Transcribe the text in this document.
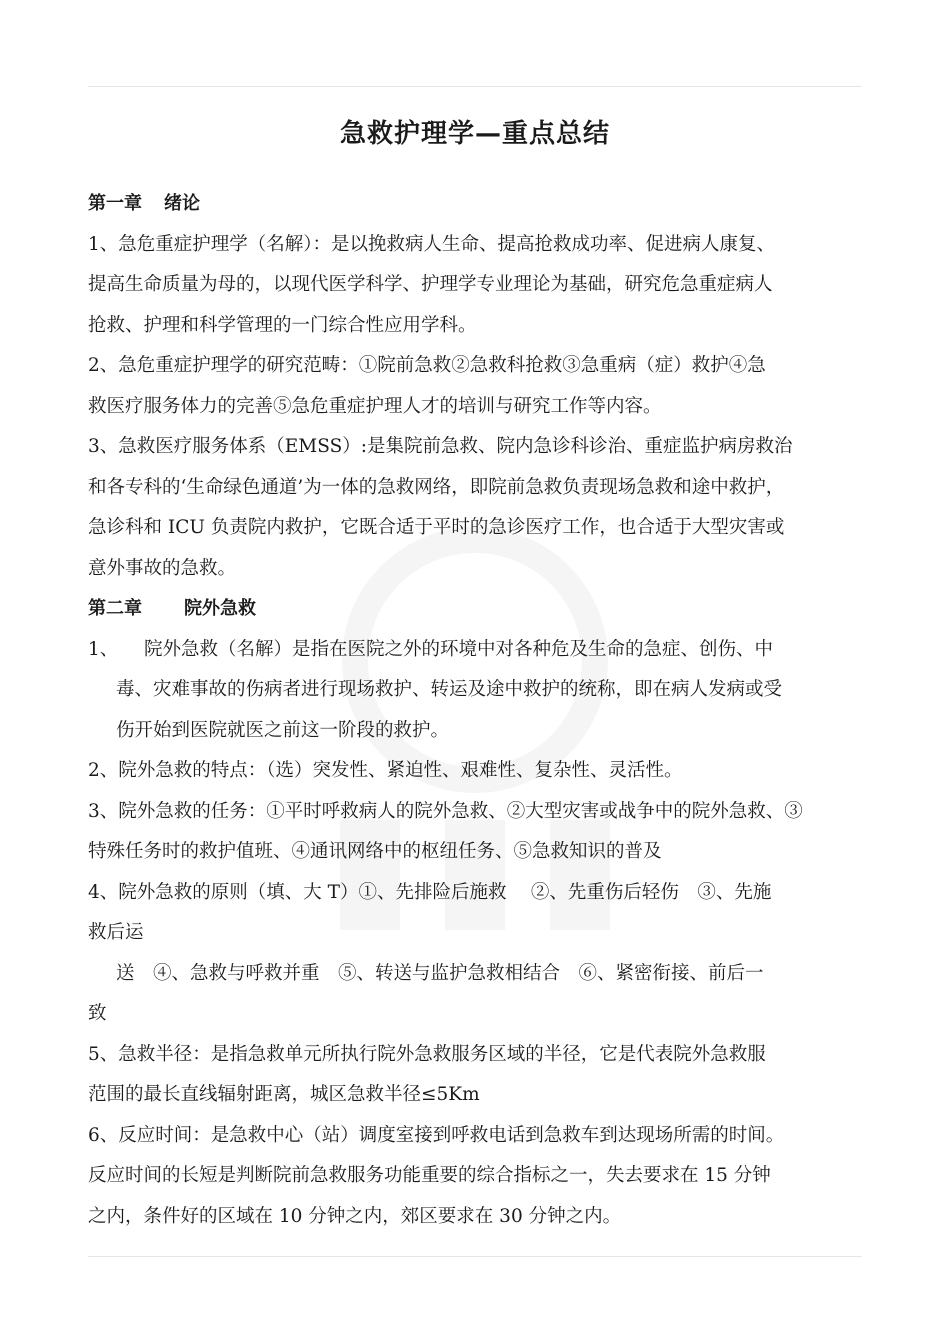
急救护理学—重点总结
第一章 绪论
1、急危重症护理学（名解）：是以挽救病人生命、提高抢救成功率、促进病人康复、
提高生命质量为母的，以现代医学科学、护理学专业理论为基础，研究危急重症病人
抢救、护理和科学管理的一门综合性应用学科。
2、急危重症护理学的研究范畴：①院前急救②急救科抢救③急重病（症）救护④急
救医疗服务体力的完善⑤急危重症护理人才的培训与研究工作等内容。
3、急救医疗服务体系（EMSS）:是集院前急救、院内急诊科诊治、重症监护病房救治
和各专科的‘生命绿色通道’为一体的急救网络，即院前急救负责现场急救和途中救护，
急诊科和 ICU 负责院内救护，它既合适于平时的急诊医疗工作，也合适于大型灾害或
意外事故的急救。
第二章 院外急救
1、 院外急救（名解）是指在医院之外的环境中对各种危及生命的急症、创伤、中
毒、灾难事故的伤病者进行现场救护、转运及途中救护的统称，即在病人发病或受
伤开始到医院就医之前这一阶段的救护。
2、院外急救的特点：（选）突发性、紧迫性、艰难性、复杂性、灵活性。
3、院外急救的任务：①平时呼救病人的院外急救、②大型灾害或战争中的院外急救、③
特殊任务时的救护值班、④通讯网络中的枢纽任务、⑤急救知识的普及
4、院外急救的原则（填、大 T）①、先排险后施救　 ②、先重伤后轻伤　③、先施
救后运
送　④、急救与呼救并重　⑤、转送与监护急救相结合　⑥、紧密衔接、前后一
致
5、急救半径：是指急救单元所执行院外急救服务区域的半径，它是代表院外急救服
范围的最长直线辐射距离，城区急救半径≤5Km
6、反应时间：是急救中心（站）调度室接到呼救电话到急救车到达现场所需的时间。
反应时间的长短是判断院前急救服务功能重要的综合指标之一，失去要求在 15 分钟
之内，条件好的区域在 10 分钟之内，郊区要求在 30 分钟之内。
